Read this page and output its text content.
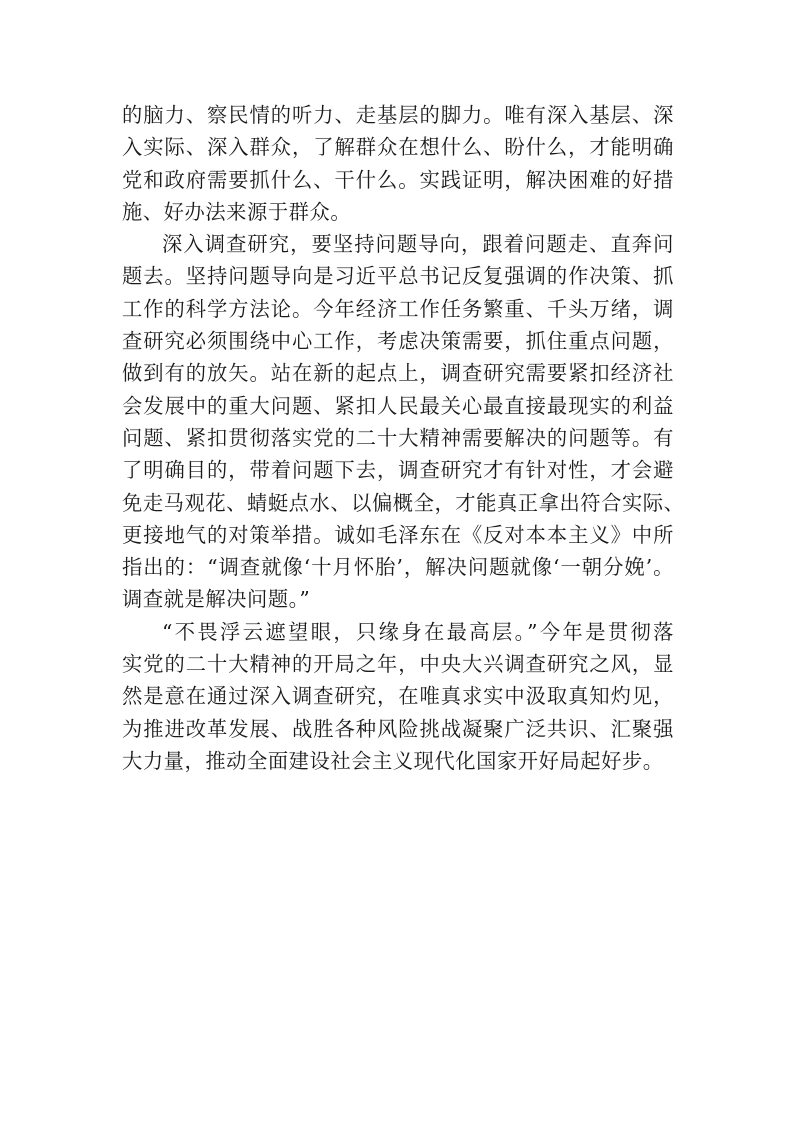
的脑力、察民情的听力、走基层的脚力。唯有深入基层、深
入实际、深入群众，了解群众在想什么、盼什么，才能明确
党和政府需要抓什么、干什么。实践证明，解决困难的好措
施、好办法来源于群众。
深入调查研究，要坚持问题导向，跟着问题走、直奔问
题去。坚持问题导向是习近平总书记反复强调的作决策、抓
工作的科学方法论。今年经济工作任务繁重、千头万绪，调
查研究必须围绕中心工作，考虑决策需要，抓住重点问题，
做到有的放矢。站在新的起点上，调查研究需要紧扣经济社
会发展中的重大问题、紧扣人民最关心最直接最现实的利益
问题、紧扣贯彻落实党的二十大精神需要解决的问题等。有
了明确目的，带着问题下去，调查研究才有针对性，才会避
免走马观花、蜻蜓点水、以偏概全，才能真正拿出符合实际、
更接地气的对策举措。诚如毛泽东在《反对本本主义》中所
指出的：“调查就像‘十月怀胎’，解决问题就像‘一朝分娩’。
调查就是解决问题。”
“不畏浮云遮望眼，只缘身在最高层。”今年是贯彻落
实党的二十大精神的开局之年，中央大兴调查研究之风，显
然是意在通过深入调查研究，在唯真求实中汲取真知灼见，
为推进改革发展、战胜各种风险挑战凝聚广泛共识、汇聚强
大力量，推动全面建设社会主义现代化国家开好局起好步。
